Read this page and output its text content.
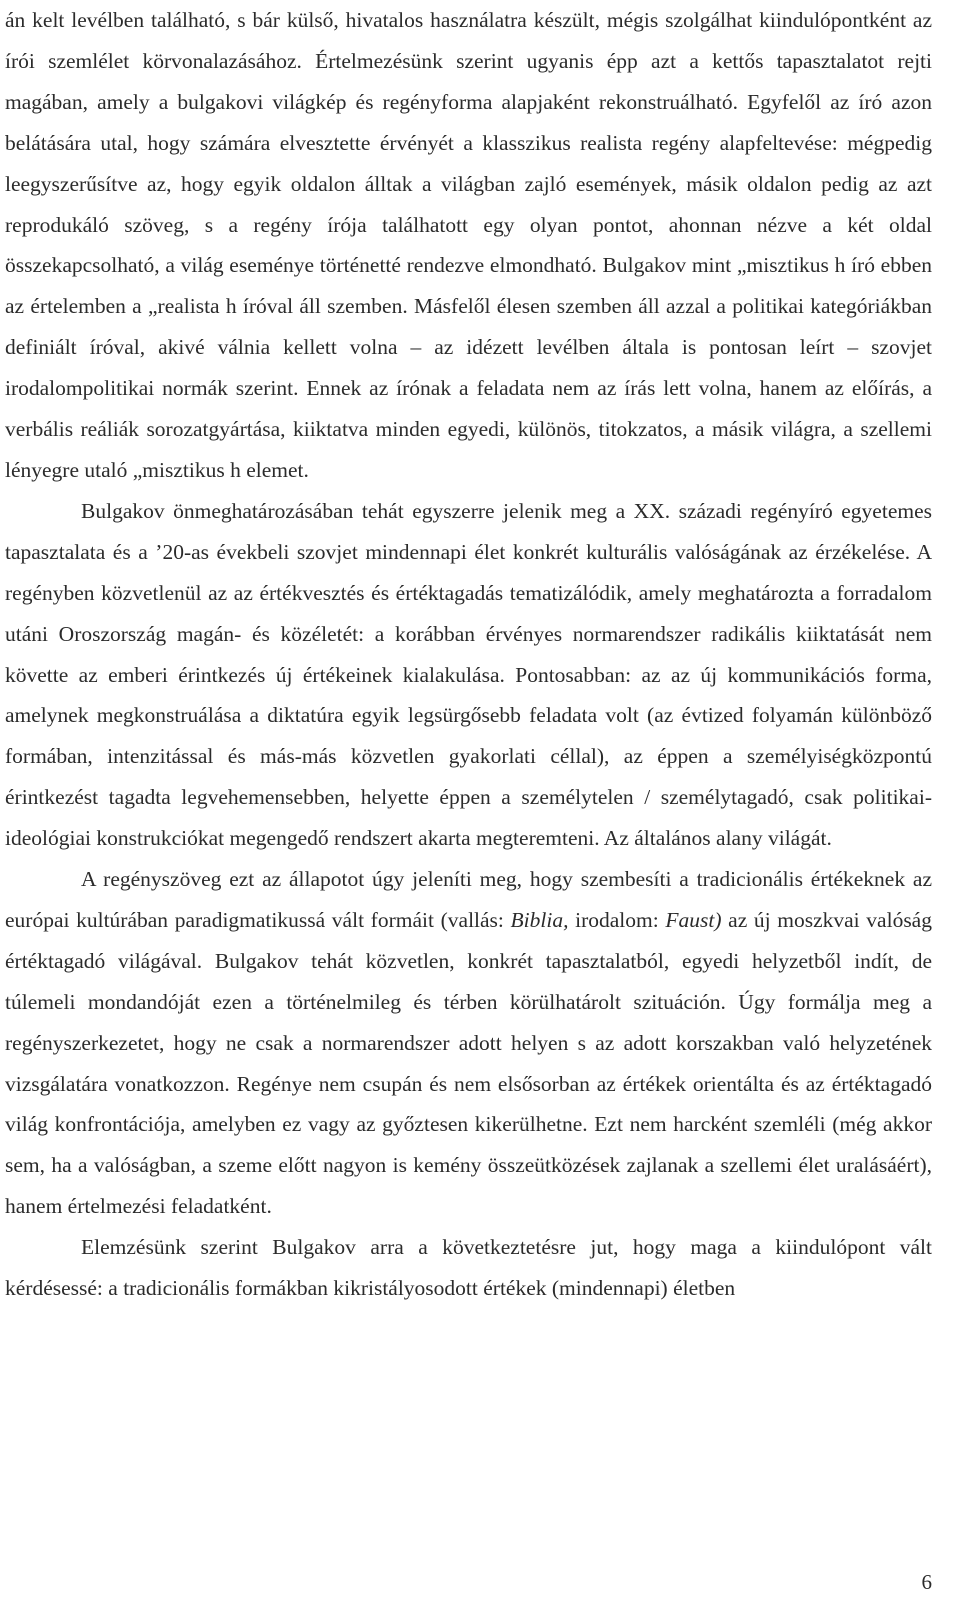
án kelt levélben található, s bár külső, hivatalos használatra készült, mégis szolgálhat kiindulópontként az írói szemlélet körvonalazásához. Értelmezésünk szerint ugyanis épp azt a kettős tapasztalatot rejti magában, amely a bulgakovi világkép és regényforma alapjaként rekonstruálható. Egyfelől az író azon belátására utal, hogy számára elvesztette érvényét a klasszikus realista regény alapfeltevése: mégpedig leegyszerűsítve az, hogy egyik oldalon álltak a világban zajló események, másik oldalon pedig az azt reprodukáló szöveg, s a regény írója találhatott egy olyan pontot, ahonnan nézve a két oldal összekapcsolható, a világ eseménye történetté rendezve elmondható. Bulgakov mint „misztikus h író ebben az értelemben a „realista h íróval áll szemben. Másfelől élesen szemben áll azzal a politikai kategóriákban definiált íróval, akivé válnia kellett volna – az idézett levélben általa is pontosan leírt – szovjet irodalompolitikai normák szerint. Ennek az írónak a feladata nem az írás lett volna, hanem az előírás, a verbális reáliák sorozatgyártása, kiiktatva minden egyedi, különös, titokzatos, a másik világra, a szellemi lényegre utaló „misztikus h elemet.

Bulgakov önmeghatározásában tehát egyszerre jelenik meg a XX. századi regényíró egyetemes tapasztalata és a ’20-as évekbeli szovjet mindennapi élet konkrét kulturális valóságának az érzékelése. A regényben közvetlenül az az értékvesztés és értéktagadás tematizálódik, amely meghatározta a forradalom utáni Oroszország magán- és közéletét: a korábban érvényes normarendszer radikális kiiktatását nem követte az emberi érintkezés új értékeinek kialakulása. Pontosabban: az az új kommunikációs forma, amelynek megkonstruálása a diktatúra egyik legsürgősebb feladata volt (az évtized folyamán különböző formában, intenzitással és más-más közvetlen gyakorlati céllal), az éppen a személyiségközpontú érintkezést tagadta legvehemensebben, helyette éppen a személytelen / személytagadó, csak politikai-ideológiai konstrukciókat megengedő rendszert akarta megteremteni. Az általános alany világát.

A regényszöveg ezt az állapotot úgy jeleníti meg, hogy szembesíti a tradicionális értékeknek az európai kultúrában paradigmatikussá vált formáit (vallás: Biblia, irodalom: Faust) az új moszkvai valóság értéktagadó világával. Bulgakov tehát közvetlen, konkrét tapasztalatból, egyedi helyzetből indít, de túlemeli mondandóját ezen a történelmileg és térben körülhatárolt szituáción. Úgy formálja meg a regényszerkezetet, hogy ne csak a normarendszer adott helyen s az adott korszakban való helyzetének vizsgálatára vonatkozzon. Regénye nem csupán és nem elsősorban az értékek orientálta és az értéktagadó világ konfrontációja, amelyben ez vagy az győztesen kikerülhetne. Ezt nem harcként szemléli (még akkor sem, ha a valóságban, a szeme előtt nagyon is kemény összeütközések zajlanak a szellemi élet uralásáért), hanem értelmezési feladatként.

Elemzésünk szerint Bulgakov arra a következtetésre jut, hogy maga a kiindulópont vált kérdésessé: a tradicionális formákban kikristályosodott értékek (mindennapi) életben

6
